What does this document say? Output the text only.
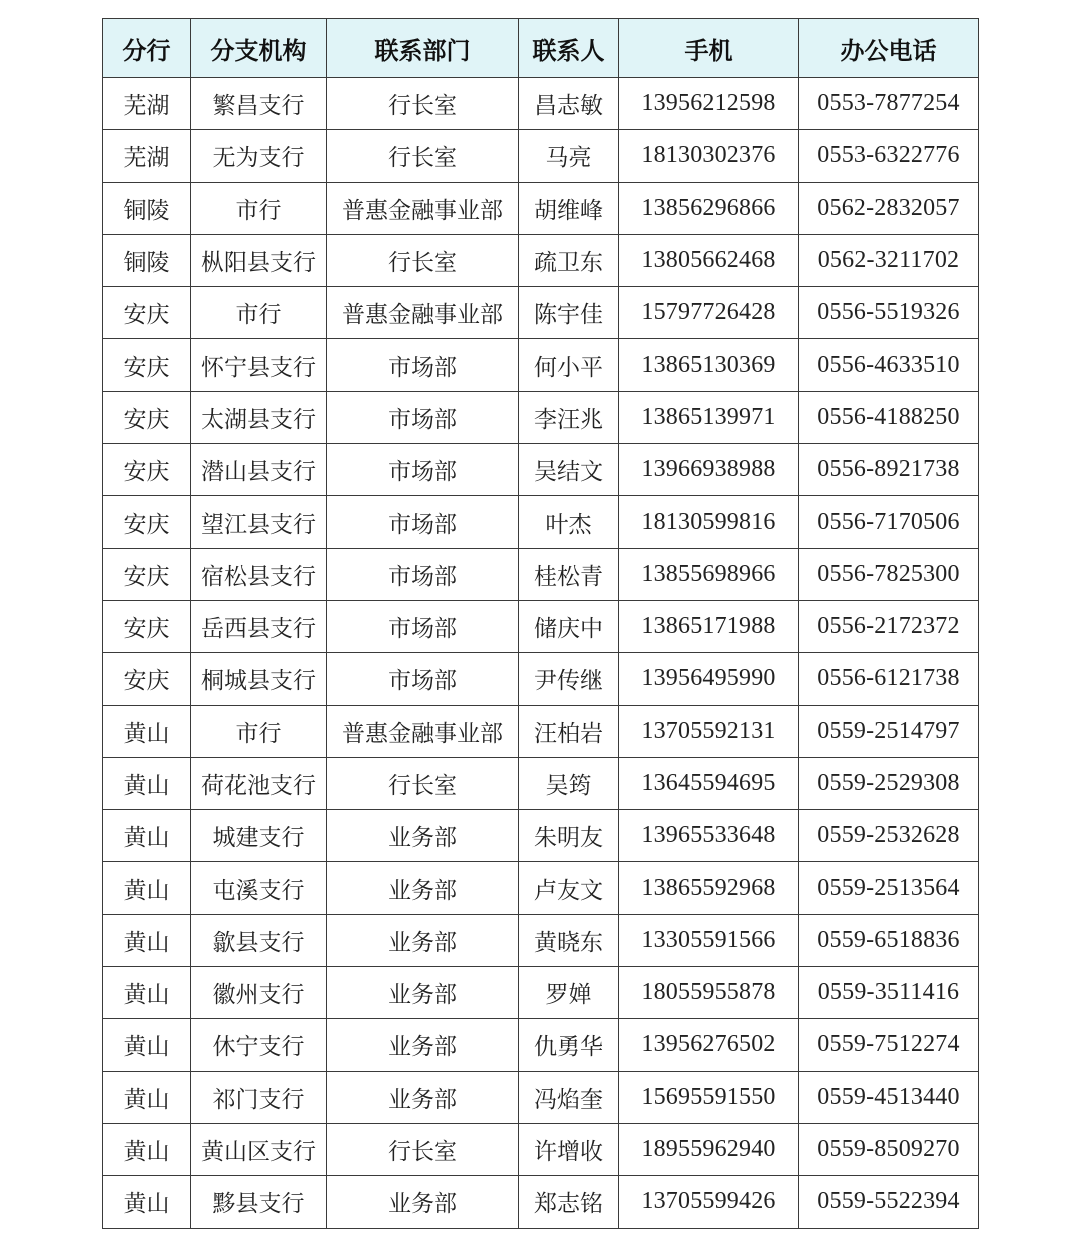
分行	分支机构	联系部门	联系人	手机	办公电话
芜湖	繁昌支行	行长室	昌志敏	13956212598	0553-7877254
芜湖	无为支行	行长室	马亮	18130302376	0553-6322776
铜陵	市行	普惠金融事业部	胡维峰	13856296866	0562-2832057
铜陵	枞阳县支行	行长室	疏卫东	13805662468	0562-3211702
安庆	市行	普惠金融事业部	陈宇佳	15797726428	0556-5519326
安庆	怀宁县支行	市场部	何小平	13865130369	0556-4633510
安庆	太湖县支行	市场部	李汪兆	13865139971	0556-4188250
安庆	潜山县支行	市场部	吴结文	13966938988	0556-8921738
安庆	望江县支行	市场部	叶杰	18130599816	0556-7170506
安庆	宿松县支行	市场部	桂松青	13855698966	0556-7825300
安庆	岳西县支行	市场部	储庆中	13865171988	0556-2172372
安庆	桐城县支行	市场部	尹传继	13956495990	0556-6121738
黄山	市行	普惠金融事业部	汪柏岩	13705592131	0559-2514797
黄山	荷花池支行	行长室	吴筠	13645594695	0559-2529308
黄山	城建支行	业务部	朱明友	13965533648	0559-2532628
黄山	屯溪支行	业务部	卢友文	13865592968	0559-2513564
黄山	歙县支行	业务部	黄晓东	13305591566	0559-6518836
黄山	徽州支行	业务部	罗婵	18055955878	0559-3511416
黄山	休宁支行	业务部	仇勇华	13956276502	0559-7512274
黄山	祁门支行	业务部	冯焰奎	15695591550	0559-4513440
黄山	黄山区支行	行长室	许增收	18955962940	0559-8509270
黄山	黟县支行	业务部	郑志铭	13705599426	0559-5522394
